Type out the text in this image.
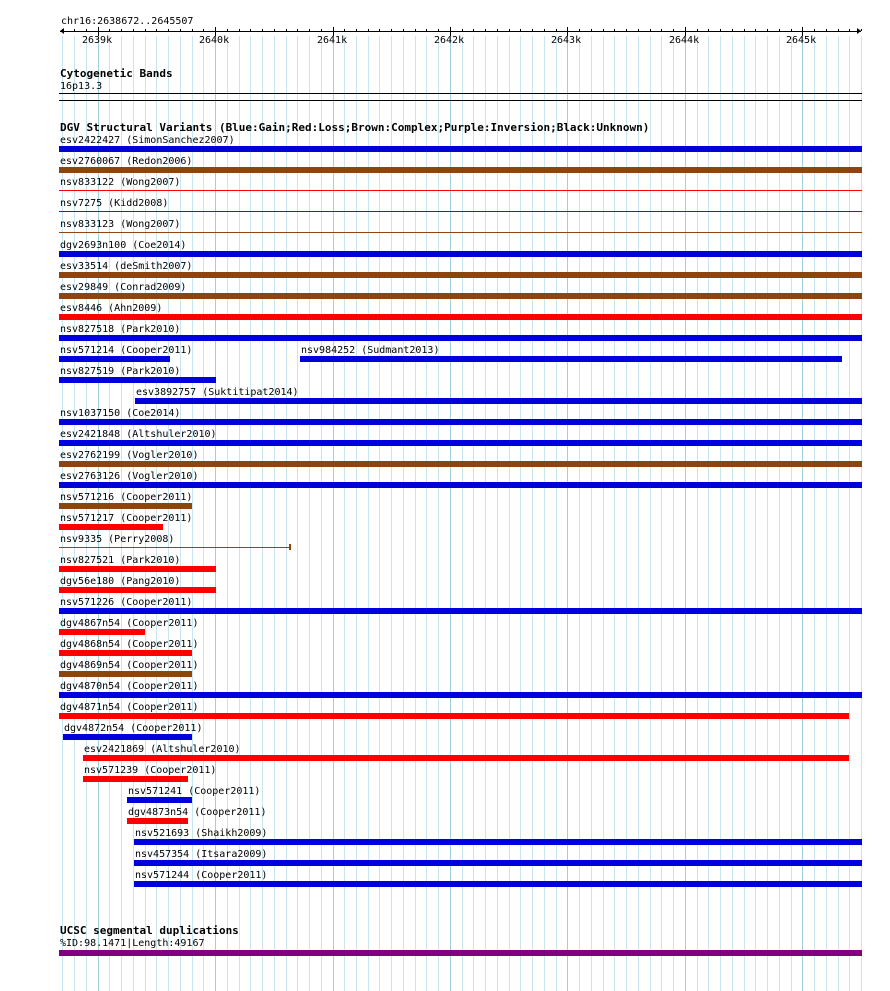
chr16:2638672..2645507
2639k	2640k	2641k	2642k	2643k	2644k	2645k
Cytogenetic Bands
16p13.3
DGV Structural Variants (Blue:Gain;Red:Loss;Brown:Complex;Purple:Inversion;Black:Unknown)
esv2422427 (SimonSanchez2007)
esv2760067 (Redon2006)
nsv833122 (Wong2007)
nsv7275 (Kidd2008)
nsv833123 (Wong2007)
dgv2693n100 (Coe2014)
esv33514 (deSmith2007)
esv29849 (Conrad2009)
esv8446 (Ahn2009)
nsv827518 (Park2010)
nsv571214 (Cooper2011)	nsv984252 (Sudmant2013)
nsv827519 (Park2010)
esv3892757 (Suktitipat2014)
nsv1037150 (Coe2014)
esv2421848 (Altshuler2010)
esv2762199 (Vogler2010)
esv2763126 (Vogler2010)
nsv571216 (Cooper2011)
nsv571217 (Cooper2011)
nsv9335 (Perry2008)
nsv827521 (Park2010)
dgv56e180 (Pang2010)
nsv571226 (Cooper2011)
dgv4867n54 (Cooper2011)
dgv4868n54 (Cooper2011)
dgv4869n54 (Cooper2011)
dgv4870n54 (Cooper2011)
dgv4871n54 (Cooper2011)
dgv4872n54 (Cooper2011)
esv2421869 (Altshuler2010)
nsv571239 (Cooper2011)
nsv571241 (Cooper2011)
dgv4873n54 (Cooper2011)
nsv521693 (Shaikh2009)
nsv457354 (Itsara2009)
nsv571244 (Cooper2011)
UCSC segmental duplications
%ID:98.1471|Length:49167
